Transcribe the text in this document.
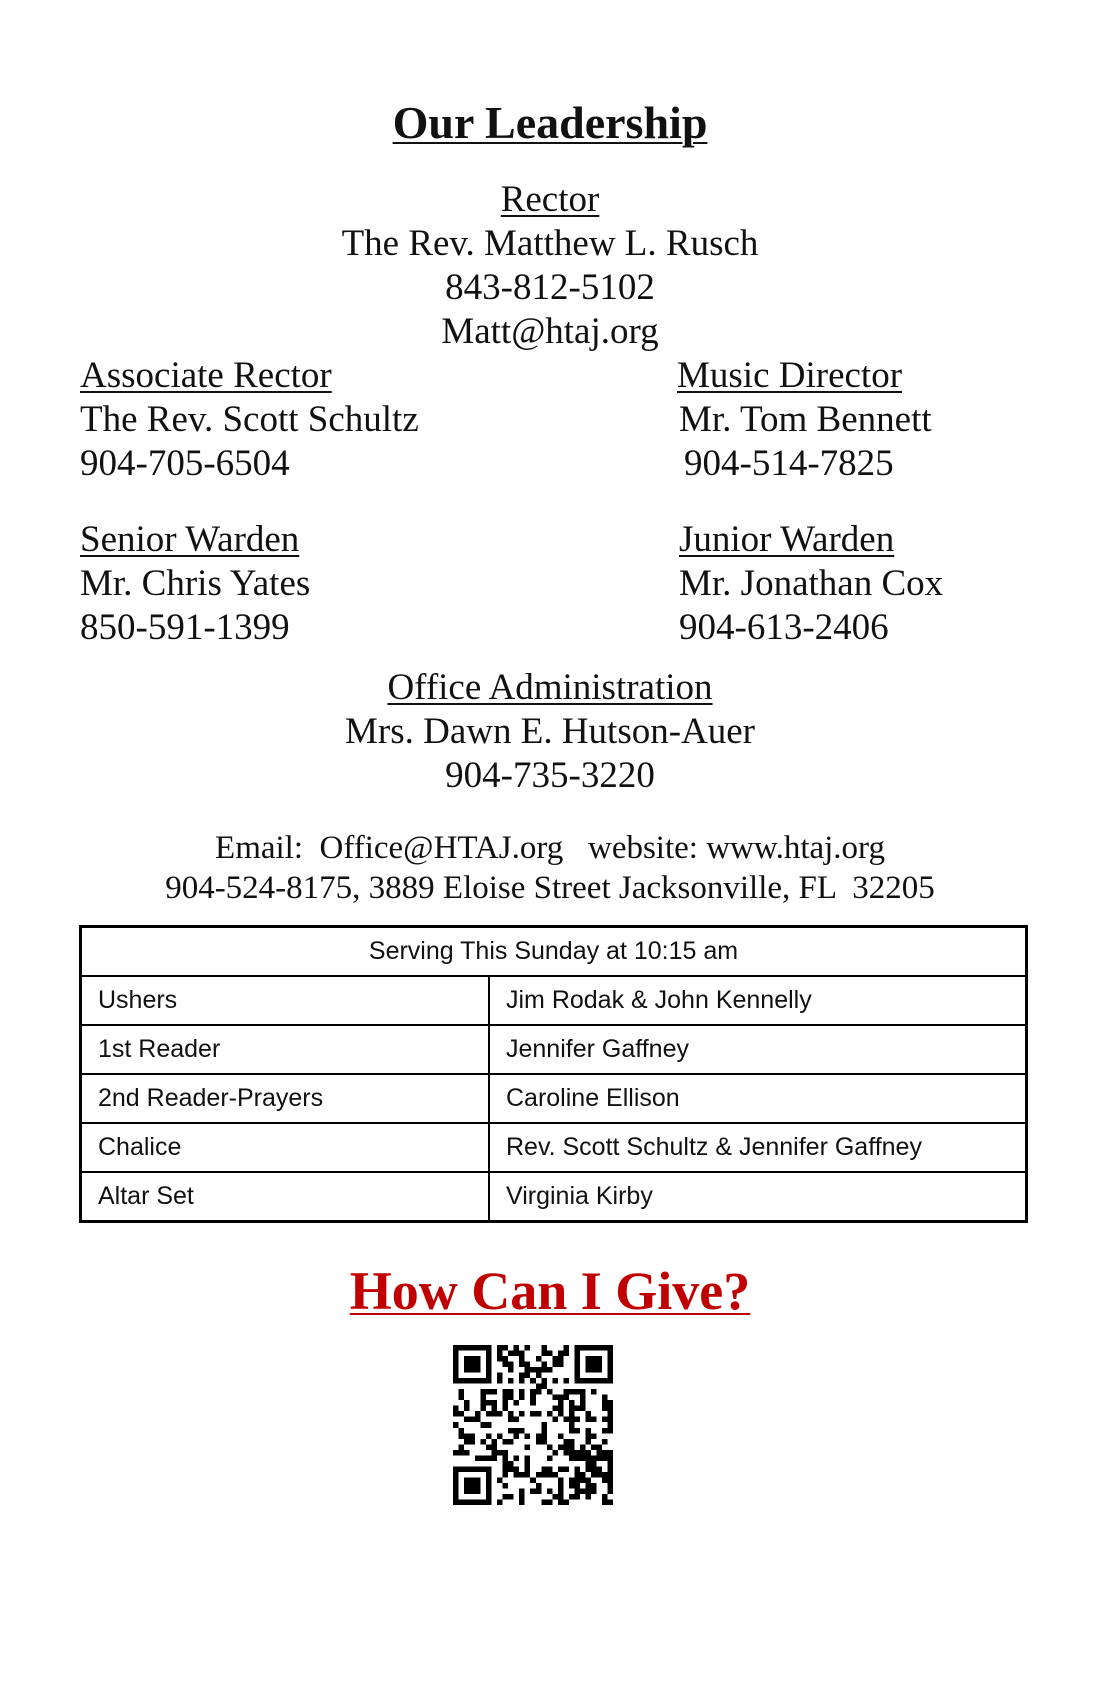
Our Leadership
Rector
The Rev. Matthew L. Rusch
843-812-5102
Matt@htaj.org
Associate Rector
The Rev. Scott Schultz
904-705-6504
Music Director
Mr. Tom Bennett
904-514-7825
Senior Warden
Mr. Chris Yates
850-591-1399
Junior Warden
Mr. Jonathan Cox
904-613-2406
Office Administration
Mrs. Dawn E. Hutson-Auer
904-735-3220
Email:  Office@HTAJ.org   website: www.htaj.org
904-524-8175, 3889 Eloise Street Jacksonville, FL  32205
Serving This Sunday at 10:15 am	
Ushers	Jim Rodak & John Kennelly
1st Reader	Jennifer Gaffney
2nd Reader-Prayers	Caroline Ellison
Chalice	Rev. Scott Schultz & Jennifer Gaffney
Altar Set	Virginia Kirby
How Can I Give?
